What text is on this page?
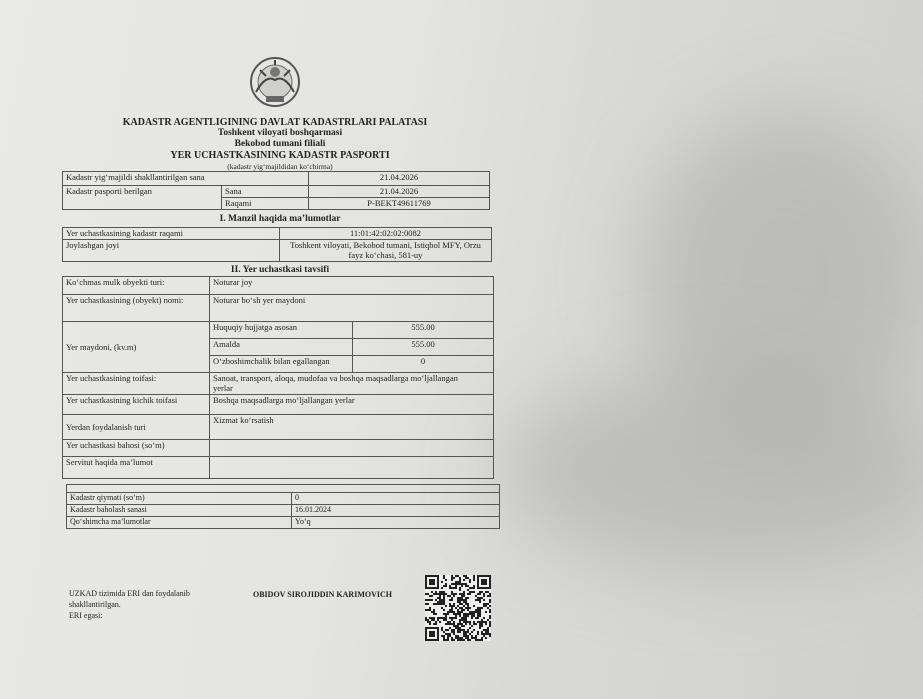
KADASTR AGENTLIGINING DAVLAT KADASTRLARI PALATASI
Toshkent viloyati boshqarmasi
Bekobod tumani filiali
YER UCHASTKASINING KADASTR PASPORTI
(kadastr yig‘majildidan ko‘chirma)
Kadastr yig‘majildi shakllantirilgan sana		21.04.2026
Kadastr pasporti berilgan	Sana	21.04.2026
	Raqami	P-BEKT49611769
I. Manzil haqida ma’lumotlar
Yer uchastkasining kadastr raqami	11:01:42:02:02:0082
Joylashgan joyi	Toshkent viloyati, Bekobod tumani, Istiqbol MFY, Orzu
fayz ko‘chasi, 581-uy
II. Yer uchastkasi tavsifi
Ko‘chmas mulk obyekti turi:	Noturar joy	
Yer uchastkasining (obyekt) nomi:	Noturar bo‘sh yer maydoni	
Yer maydoni, (kv.m)	Huquqiy hujjatga asosan	555.00
	Amalda	555.00
	O‘zboshimchalik bilan egallangan	0
Yer uchastkasining toifasi:	Sanoat, transport, aloqa, mudofaa va boshqa maqsadlarga mo‘ljallangan
yerlar	

Yer uchastkasining kichik toifasi	Boshqa maqsadlarga mo‘ljallangan yerlar	
Yerdan foydalanish turi	Xizmat ko‘rsatish	
Yer uchastkasi bahosi (so‘m)		
Servitut haqida ma’lumot		

Kadastr qiymati (so‘m)	0
Kadastr baholash sanasi	16.01.2024
Qo‘shimcha ma’lumotlar	Yo‘q
UZKAD tizimida ERI dan foydalanib
shakllantirilgan.
ERI egasi:
OBIDOV SIROJIDDIN KARIMOVICH
